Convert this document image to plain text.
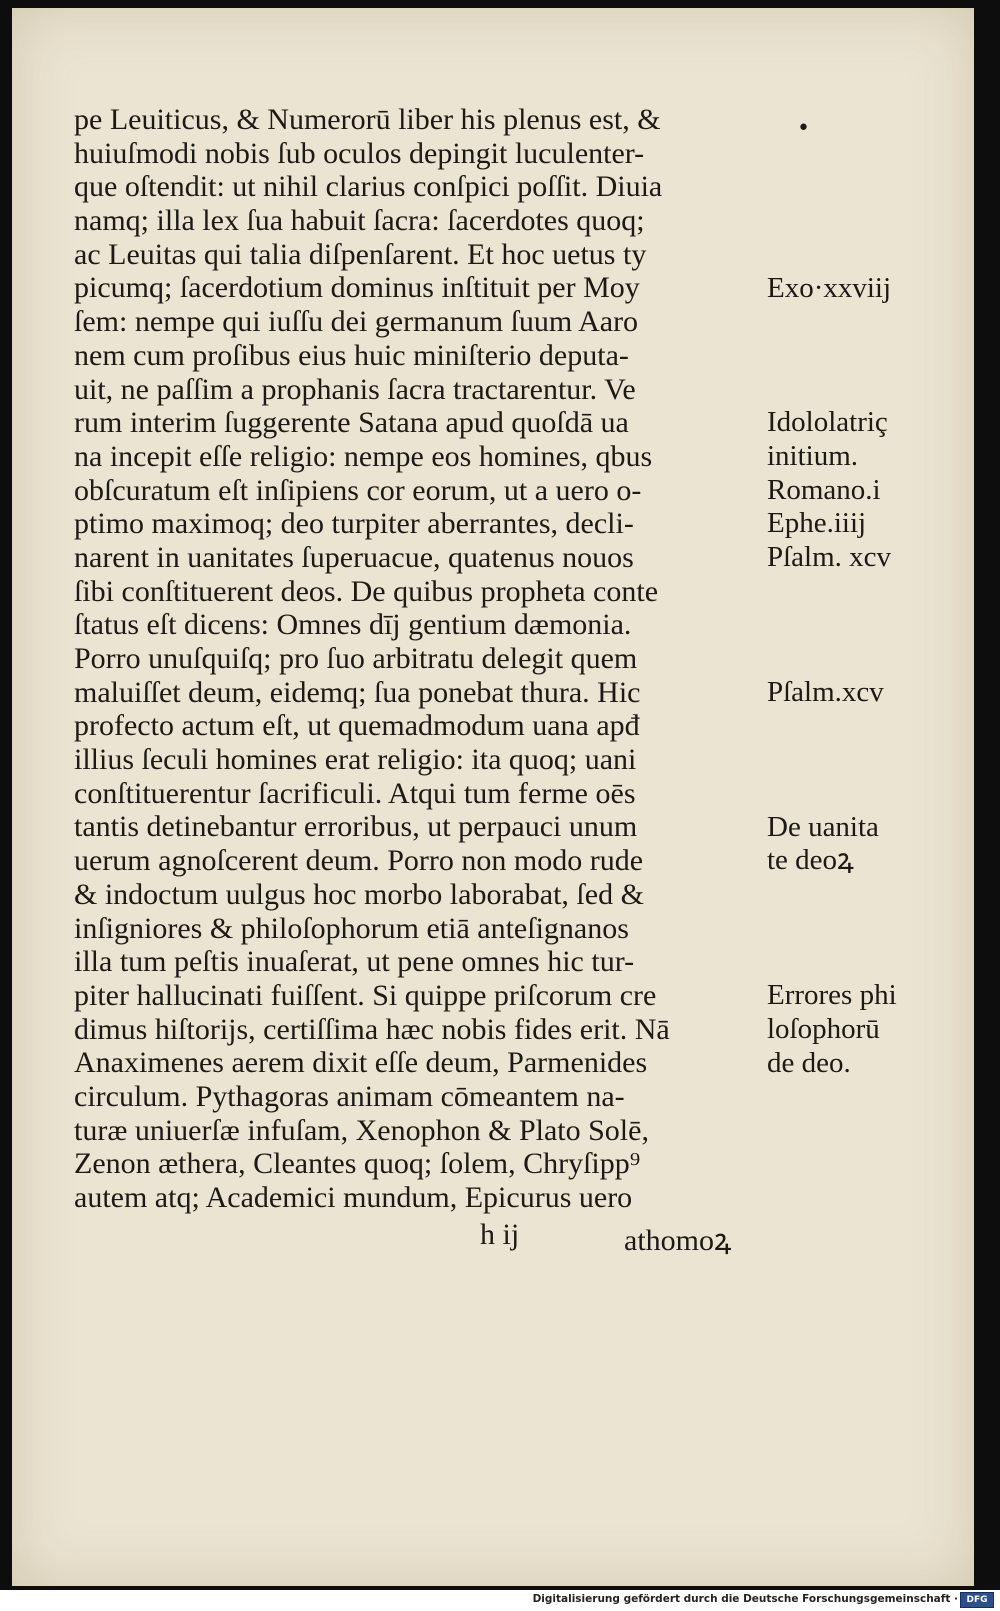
•
pe Leuiticus, & Numerorū liber his plenus est, &
huiuſmodi nobis ſub oculos depingit luculenter-
que oſtendit: ut nihil clarius conſpici poſſit. Diuia
namq; illa lex ſua habuit ſacra: ſacerdotes quoq;
ac Leuitas qui talia diſpenſarent. Et hoc uetus ty
picumq; ſacerdotium dominus inſtituit per Moy
ſem: nempe qui iuſſu dei germanum ſuum Aaro
nem cum proſibus eius huic miniſterio deputa-
uit, ne paſſim a prophanis ſacra tractarentur. Ve
rum interim ſuggerente Satana apud quoſdā ua
na incepit eſſe religio: nempe eos homines, qbus
obſcuratum eſt inſipiens cor eorum, ut a uero o-
ptimo maximoq; deo turpiter aberrantes, decli-
narent in uanitates ſuperuacue, quatenus nouos
ſibi conſtituerent deos. De quibus propheta conte
ſtatus eſt dicens: Omnes dīj gentium dæmonia.
Porro unuſquiſq; pro ſuo arbitratu delegit quem
maluiſſet deum, eidemq; ſua ponebat thura. Hic
profecto actum eſt, ut quemadmodum uana apđ
illius ſeculi homines erat religio: ita quoq; uani
conſtituerentur ſacrificuli. Atqui tum ferme oēs
tantis detinebantur erroribus, ut perpauci unum
uerum agnoſcerent deum. Porro non modo rude
& indoctum uulgus hoc morbo laborabat, ſed &
inſigniores & philoſophorum etiā anteſignanos
illa tum peſtis inuaſerat, ut pene omnes hic tur-
piter hallucinati fuiſſent. Si quippe priſcorum cre
dimus hiſtorijs, certiſſima hæc nobis fides erit. Nā
Anaximenes aerem dixit eſſe deum, Parmenides
circulum. Pythagoras animam cōmeantem na-
turæ uniuerſæ infuſam, Xenophon & Plato Solē,
Zenon æthera, Cleantes quoq; ſolem, Chryſipp⁹
autem atq; Academici mundum, Epicurus uero
Exo·xxviij
Idololatriç
initium.
Romano.i
Ephe.iiij
Pſalm. xcv
Pſalm.xcv
De uanita
te deoꝝ
Errores phi
loſophorū
de deo.
h ij	athomoꝝ
Digitalisierung gefördert durch die Deutsche Forschungsgemeinschaft · DFG
